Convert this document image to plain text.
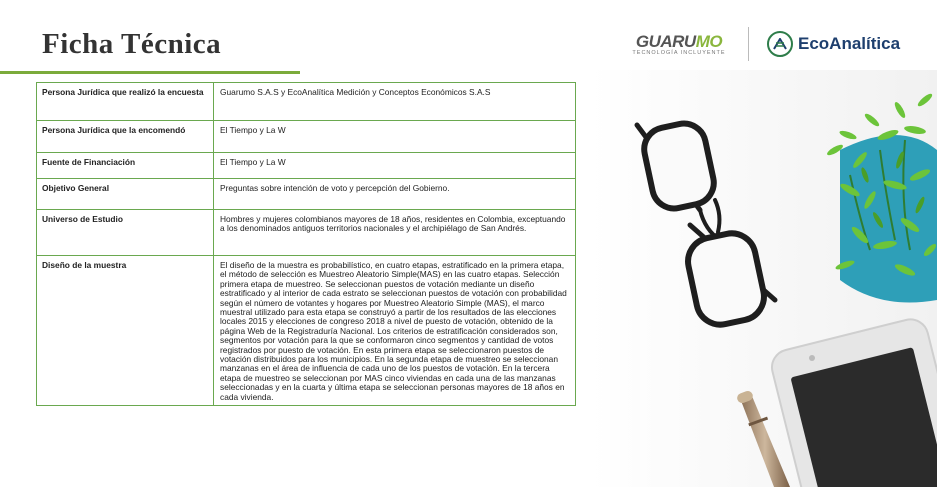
Ficha Técnica	GUARUMO
TECNOLOGÍA INCLUYENTE	EcoAnalítica
Persona Jurídica que realizó la encuesta	Guarumo S.A.S y EcoAnalítica Medición y Conceptos Económicos S.A.S
Persona Jurídica que la encomendó	El Tiempo y La W
Fuente de Financiación	El Tiempo y La W
Objetivo General	Preguntas sobre intención de voto y percepción del Gobierno.
Universo de Estudio	Hombres y mujeres colombianos mayores de 18 años, residentes en Colombia, exceptuando a los denominados antiguos territorios nacionales y el archipiélago de San Andrés.
Diseño de la muestra	El diseño de la muestra es probabilístico, en cuatro etapas, estratificado en la primera etapa, el método de selección es Muestreo Aleatorio Simple(MAS) en las cuatro etapas. Selección primera etapa de muestreo. Se seleccionan puestos de votación mediante un diseño estratificado y al interior de cada estrato se seleccionan puestos de votación con probabilidad según el número de votantes y hogares por Muestreo Aleatorio Simple (MAS), el marco muestral utilizado para esta etapa se construyó a partir de los resultados de las elecciones locales 2015 y elecciones de congreso 2018 a nivel de puesto de votación, obtenido de la página Web de la Registraduría Nacional. Los criterios de estratificación considerados son, segmentos por votación para la que se conformaron cinco segmentos y cantidad de votos registrados por puesto de votación. En esta primera etapa se seleccionaron puestos de votación distribuidos para los municipios. En la segunda etapa de muestreo se seleccionan manzanas en el área de influencia de cada uno de los puestos de votación. En la tercera etapa de muestreo se seleccionan por MAS cinco viviendas en cada una de las manzanas seleccionadas y en la cuarta y última etapa se seleccionan personas mayores de 18 años en cada vivienda.
